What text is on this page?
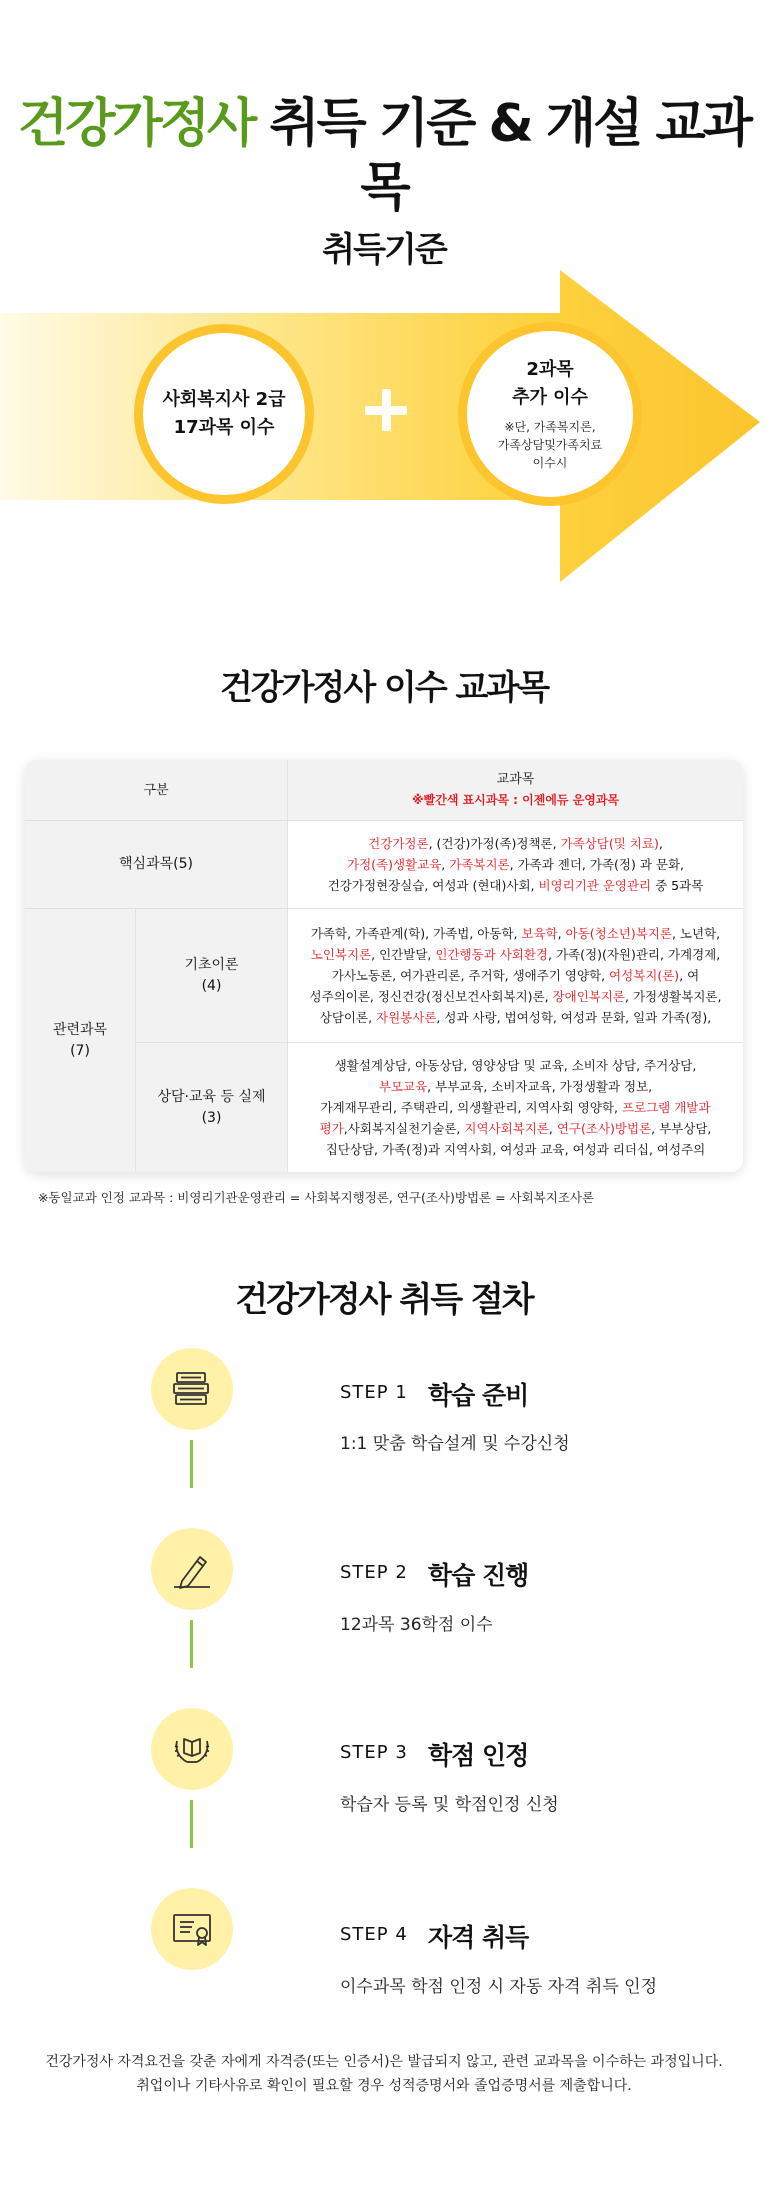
건강가정사 취득 기준 & 개설 교과목
취득기준
사회복지사 2급
17과목 이수
2과목
추가 이수
※단, 가족복지론,
가족상담및가족치료
이수시
건강가정사 이수 교과목
구분
교과목
※빨간색 표시과목 : 이젠에듀 운영과목
핵심과목(5)
건강가정론, (건강)가정(족)정책론, 가족상담(및 치료),
가정(족)생활교육, 가족복지론, 가족과 젠더, 가족(정) 과 문화,
건강가정현장실습, 여성과 (현대)사회, 비영리기관 운영관리 중 5과목
관련과목
(7)
기초이론
(4)
가족학, 가족관계(학), 가족법, 아동학, 보육학, 아동(청소년)복지론, 노년학,
노인복지론, 인간발달, 인간행동과 사회환경, 가족(정)(자원)관리, 가계경제,
가사노동론, 여가관리론, 주거학, 생애주기 영양학, 여성복지(론), 여
성주의이론, 정신건강(정신보건사회복지)론, 장애인복지론, 가정생활복지론,
상담이론, 자원봉사론, 성과 사랑, 법여성학, 여성과 문화, 일과 가족(정),
상담·교육 등 실제
(3)
생활설계상담, 아동상담, 영양상담 및 교육, 소비자 상담, 주거상담,
부모교육, 부부교육, 소비자교육, 가정생활과 정보,
가계재무관리, 주택관리, 의생활관리, 지역사회 영양학, 프로그램 개발과
평가,사회복지실천기술론, 지역사회복지론, 연구(조사)방법론, 부부상담,
집단상담, 가족(정)과 지역사회, 여성과 교육, 여성과 리더십, 여성주의
※동일교과 인정 교과목 : 비영리기관운영관리 = 사회복지행정론, 연구(조사)방법론 = 사회복지조사론
건강가정사 취득 절차
STEP 1 학습 준비
1:1 맞춤 학습설계 및 수강신청
STEP 2 학습 진행
12과목 36학점 이수
STEP 3 학점 인정
학습자 등록 및 학점인정 신청
STEP 4 자격 취득
이수과목 학점 인정 시 자동 자격 취득 인정
건강가정사 자격요건을 갖춘 자에게 자격증(또는 인증서)은 발급되지 않고, 관련 교과목을 이수하는 과정입니다.
취업이나 기타사유로 확인이 필요할 경우 성적증명서와 졸업증명서를 제출합니다.
